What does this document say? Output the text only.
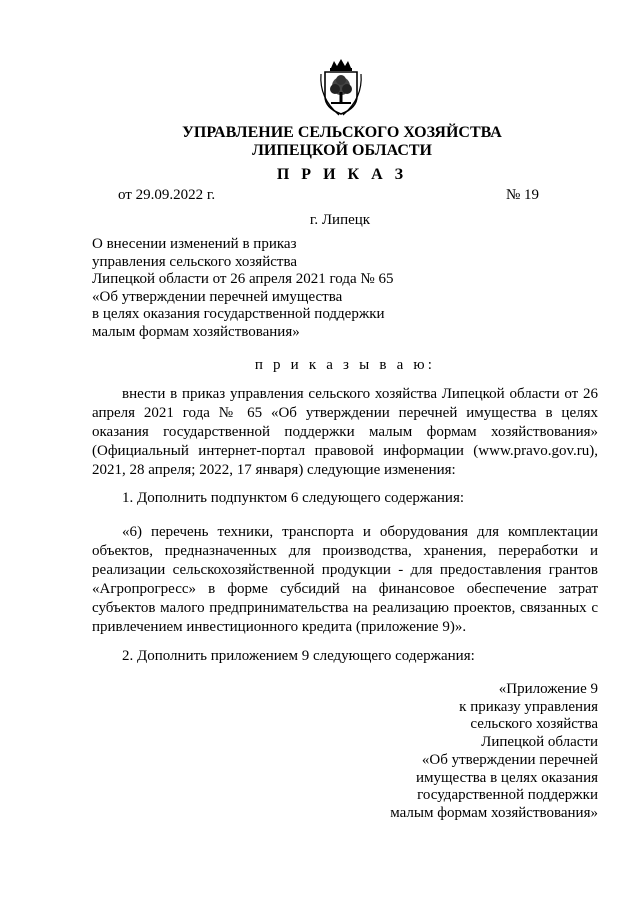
УПРАВЛЕНИЕ СЕЛЬСКОГО ХОЗЯЙСТВА
ЛИПЕЦКОЙ ОБЛАСТИ
П Р И К А З
от 29.09.2022 г.	№ 19
г. Липецк
О внесении изменений в приказ
управления сельского хозяйства
Липецкой области от 26 апреля 2021 года № 65
«Об утверждении перечней имущества
в целях оказания государственной поддержки
малым формам хозяйствования»
п р и к а з ы в а ю:
внести в приказ управления сельского хозяйства Липецкой области от 26 апреля 2021 года № 65 «Об утверждении перечней имущества в целях оказания государственной поддержки малым формам хозяйствования» (Официальный интернет-портал правовой информации (www.pravo.gov.ru), 2021, 28 апреля; 2022, 17 января) следующие изменения:
1. Дополнить подпунктом 6 следующего содержания:
«6) перечень техники, транспорта и оборудования для комплектации объектов, предназначенных для производства, хранения, переработки и реализации сельскохозяйственной продукции - для предоставления грантов «Агропрогресс» в форме субсидий на финансовое обеспечение затрат субъектов малого предпринимательства на реализацию проектов, связанных с привлечением инвестиционного кредита (приложение 9)».
2. Дополнить приложением 9 следующего содержания:
«Приложение 9
к приказу управления
сельского хозяйства
Липецкой области
«Об утверждении перечней
имущества в целях оказания
государственной поддержки
малым формам хозяйствования»
